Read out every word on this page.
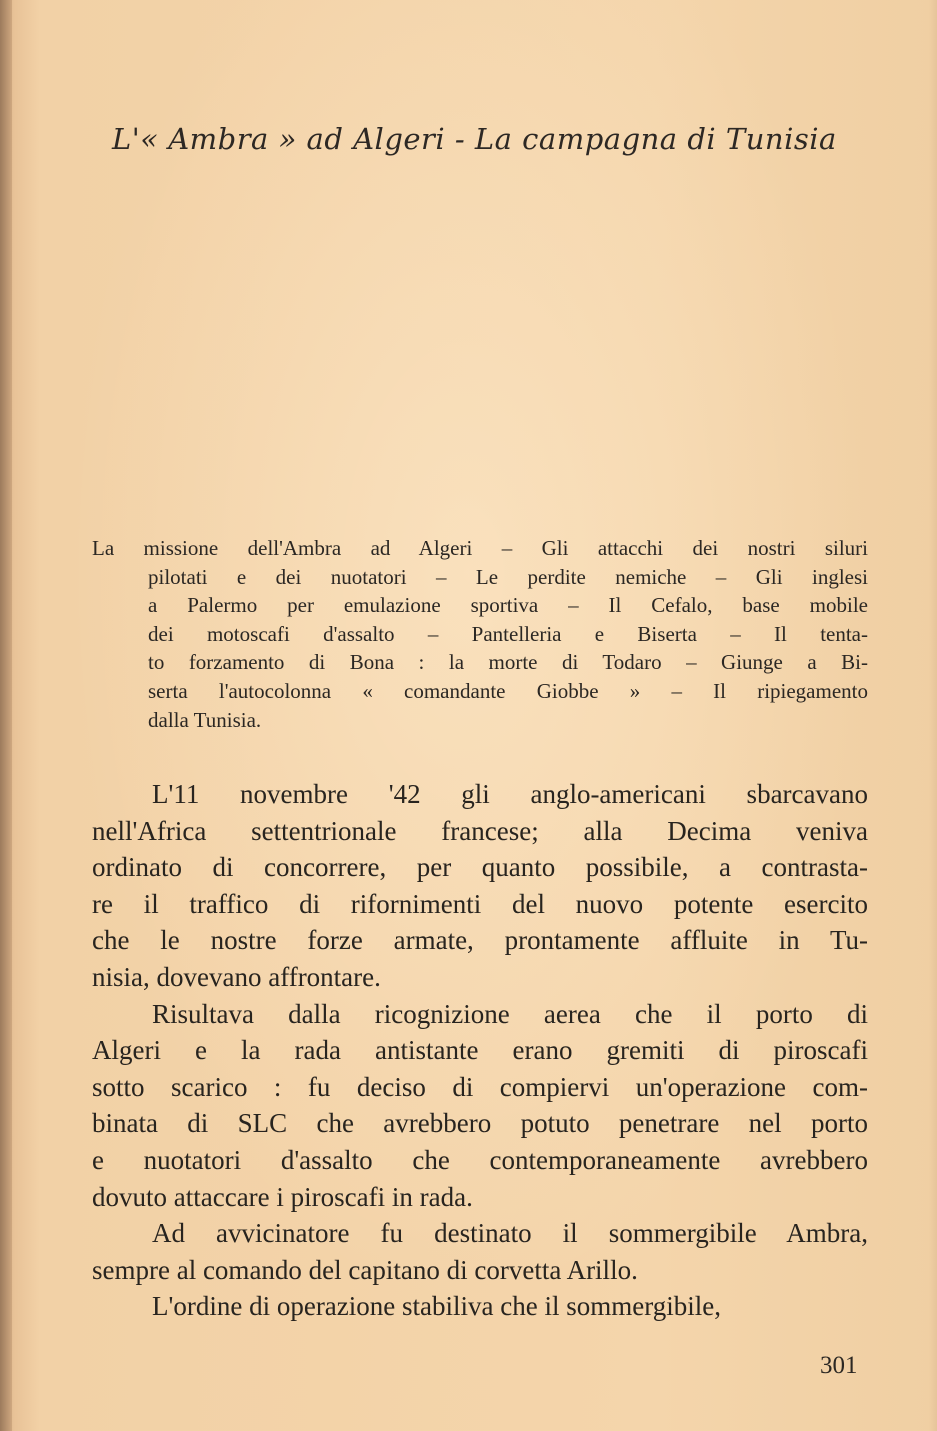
L'« Ambra » ad Algeri - La campagna di Tunisia
La missione dell'Ambra ad Algeri – Gli attacchi dei nostri siluri
pilotati e dei nuotatori – Le perdite nemiche – Gli inglesi
a Palermo per emulazione sportiva – Il Cefalo, base mobile
dei motoscafi d'assalto – Pantelleria e Biserta – Il tenta-
to forzamento di Bona : la morte di Todaro – Giunge a Bi-
serta l'autocolonna « comandante Giobbe » – Il ripiegamento
dalla Tunisia.
L'11 novembre '42 gli anglo-americani sbarcavano
nell'Africa settentrionale francese; alla Decima veniva
ordinato di concorrere, per quanto possibile, a contrasta-
re il traffico di rifornimenti del nuovo potente esercito
che le nostre forze armate, prontamente affluite in Tu-
nisia, dovevano affrontare.
Risultava dalla ricognizione aerea che il porto di
Algeri e la rada antistante erano gremiti di piroscafi
sotto scarico : fu deciso di compiervi un'operazione com-
binata di SLC che avrebbero potuto penetrare nel porto
e nuotatori d'assalto che contemporaneamente avrebbero
dovuto attaccare i piroscafi in rada.
Ad avvicinatore fu destinato il sommergibile Ambra,
sempre al comando del capitano di corvetta Arillo.
L'ordine di operazione stabiliva che il sommergibile,
301
